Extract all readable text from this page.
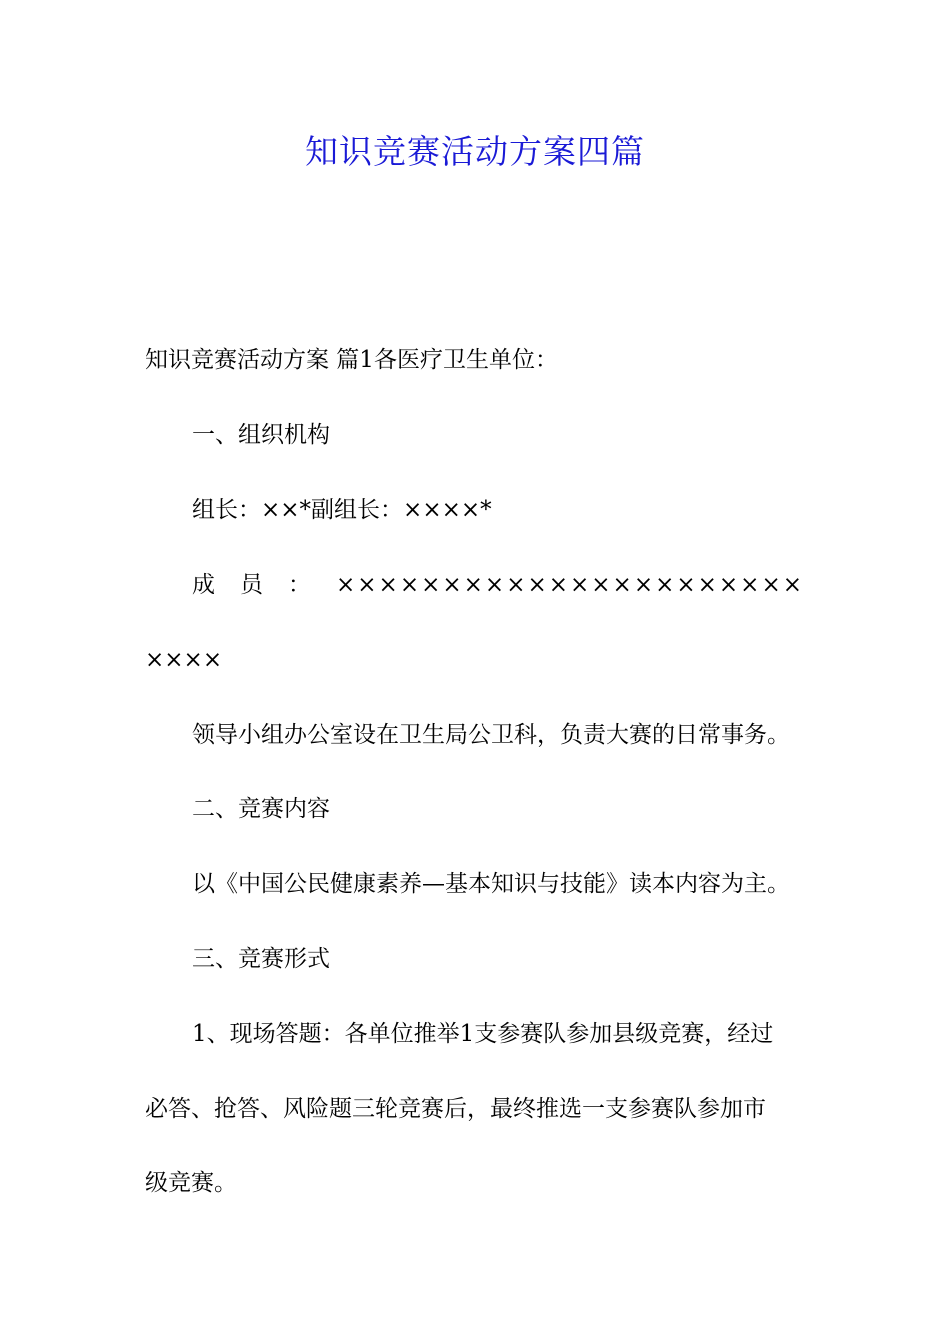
知识竞赛活动方案四篇
知识竞赛活动方案 篇1各医疗卫生单位：
一、组织机构
组长：××*副组长：××××*
成员：××××××××××××××××××××××
××××
领导小组办公室设在卫生局公卫科，负责大赛的日常事务。
二、竞赛内容
以《中国公民健康素养—基本知识与技能》读本内容为主。
三、竞赛形式
1、现场答题：各单位推举1支参赛队参加县级竞赛，经过
必答、抢答、风险题三轮竞赛后，最终推选一支参赛队参加市
级竞赛。
